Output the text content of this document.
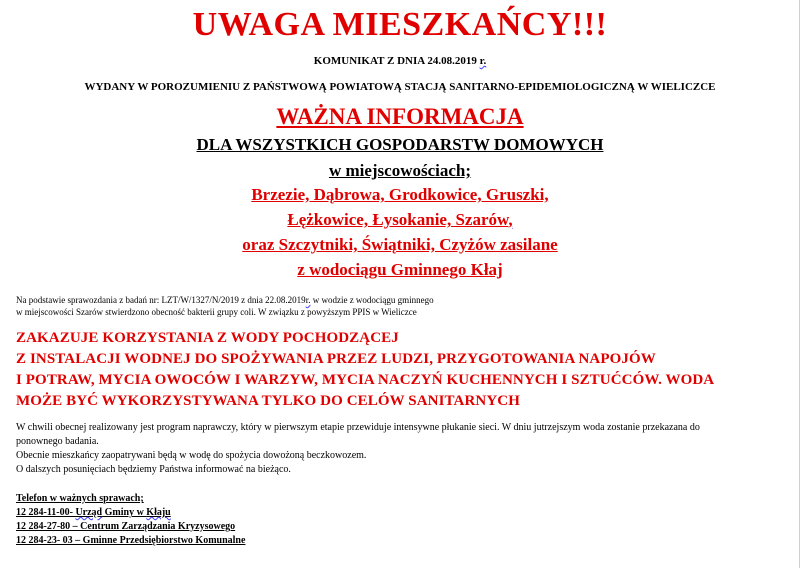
UWAGA MIESZKAŃCY!!!
KOMUNIKAT Z DNIA 24.08.2019 r.
WYDANY W POROZUMIENIU Z PAŃSTWOWĄ POWIATOWĄ STACJĄ SANITARNO-EPIDEMIOLOGICZNĄ W WIELICZCE
WAŻNA INFORMACJA
DLA WSZYSTKICH GOSPODARSTW DOMOWYCH
w miejscowościach;
Brzezie, Dąbrowa, Grodkowice, Gruszki,
Łężkowice, Łysokanie, Szarów,
oraz Szczytniki, Świątniki, Czyżów zasilane
z wodociągu Gminnego Kłaj
Na podstawie sprawozdania z badań nr: LZT/W/1327/N/2019 z dnia 22.08.2019r. w wodzie z wodociągu gminnego
w miejscowości Szarów stwierdzono obecność bakterii grupy coli. W związku z powyższym PPIS w Wieliczce
ZAKAZUJE KORZYSTANIA Z WODY POCHODZĄCEJ
Z INSTALACJI WODNEJ DO SPOŻYWANIA PRZEZ LUDZI, PRZYGOTOWANIA NAPOJÓW
I POTRAW, MYCIA OWOCÓW I WARZYW, MYCIA NACZYŃ KUCHENNYCH I SZTUĆCÓW. WODA
MOŻE BYĆ WYKORZYSTYWANA TYLKO DO CELÓW SANITARNYCH
W chwili obecnej realizowany jest program naprawczy, który w pierwszym etapie przewiduje intensywne płukanie sieci. W dniu jutrzejszym woda zostanie przekazana do
ponownego badania.
Obecnie mieszkańcy zaopatrywani będą w wodę do spożycia dowożoną beczkowozem.
O dalszych posunięciach będziemy Państwa informować na bieżąco.
Telefon w ważnych sprawach;
12 284-11-00- Urząd Gminy w Kłaju
12 284-27-80 – Centrum Zarządzania Kryzysowego
12 284-23- 03 – Gminne Przedsiębiorstwo Komunalne
